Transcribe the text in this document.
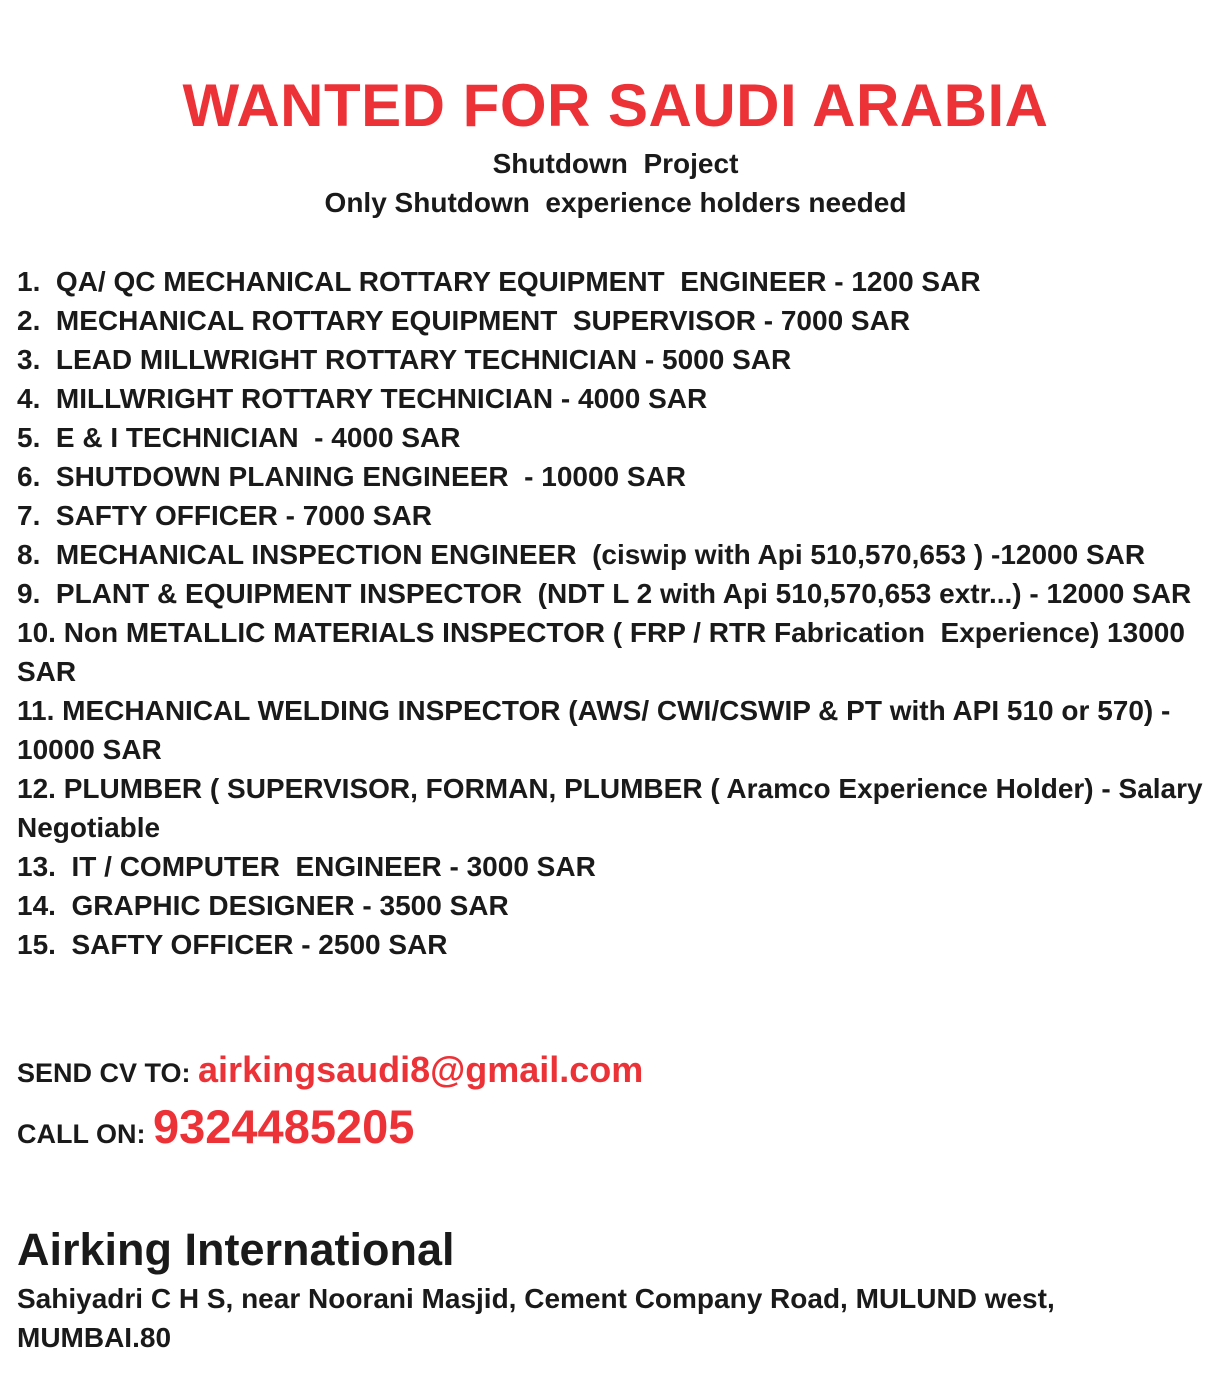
WANTED FOR SAUDI ARABIA
Shutdown  Project
Only Shutdown  experience holders needed
1.  QA/ QC MECHANICAL ROTTARY EQUIPMENT  ENGINEER - 1200 SAR
2.  MECHANICAL ROTTARY EQUIPMENT  SUPERVISOR - 7000 SAR
3.  LEAD MILLWRIGHT ROTTARY TECHNICIAN - 5000 SAR
4.  MILLWRIGHT ROTTARY TECHNICIAN - 4000 SAR
5.  E & I TECHNICIAN  - 4000 SAR
6.  SHUTDOWN PLANING ENGINEER  - 10000 SAR
7.  SAFTY OFFICER - 7000 SAR
8.  MECHANICAL INSPECTION ENGINEER  (ciswip with Api 510,570,653 ) -12000 SAR
9.  PLANT & EQUIPMENT INSPECTOR  (NDT L 2 with Api 510,570,653 extr...) - 12000 SAR
10. Non METALLIC MATERIALS INSPECTOR ( FRP / RTR Fabrication  Experience) 13000 SAR
11. MECHANICAL WELDING INSPECTOR (AWS/ CWI/CSWIP & PT with API 510 or 570) - 10000 SAR
12. PLUMBER ( SUPERVISOR, FORMAN, PLUMBER ( Aramco Experience Holder) - Salary  Negotiable
13.  IT / COMPUTER  ENGINEER - 3000 SAR
14.  GRAPHIC DESIGNER - 3500 SAR
15.  SAFTY OFFICER - 2500 SAR
SEND CV TO: airkingsaudi8@gmail.com
CALL ON: 9324485205
Airking International
Sahiyadri C H S, near Noorani Masjid, Cement Company Road, MULUND west, MUMBAI.80
